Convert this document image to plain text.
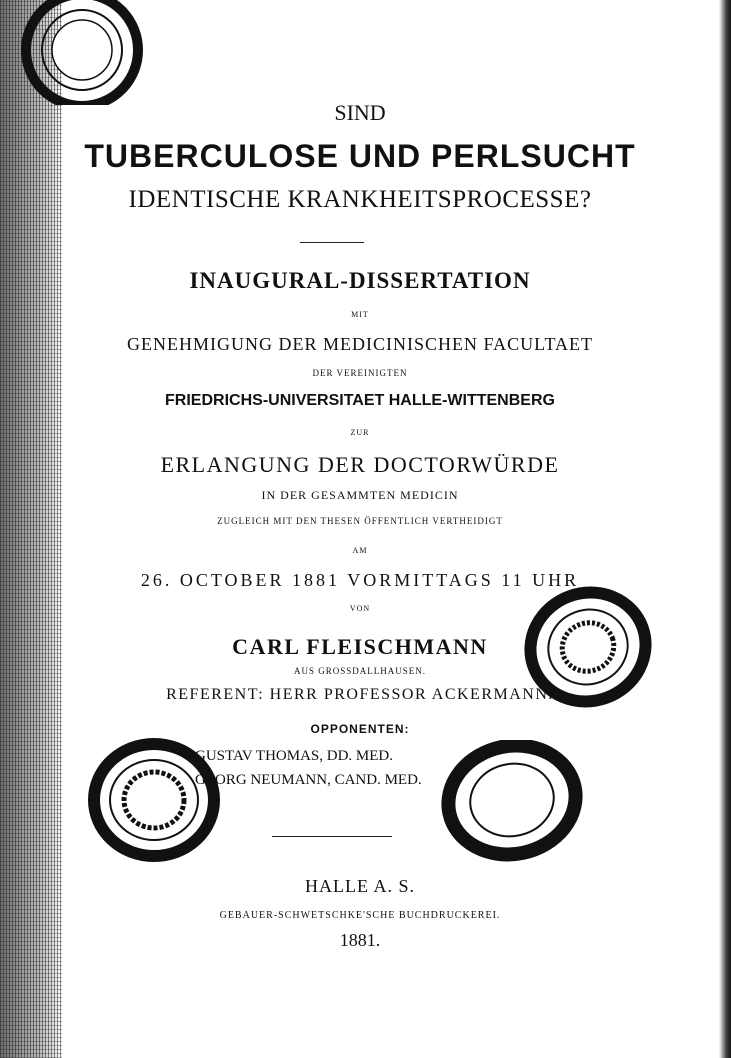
SIND
TUBERCULOSE UND PERLSUCHT
IDENTISCHE KRANKHEITSPROCESSE?
INAUGURAL-DISSERTATION
MIT
GENEHMIGUNG DER MEDICINISCHEN FACULTAET
DER VEREINIGTEN
FRIEDRICHS-UNIVERSITAET HALLE-WITTENBERG
ZUR
ERLANGUNG DER DOCTORWÜRDE
IN DER GESAMMTEN MEDICIN
ZUGLEICH MIT DEN THESEN ÖFFENTLICH VERTHEIDIGT
AM
26. OCTOBER 1881 VORMITTAGS 11 UHR
VON
CARL FLEISCHMANN
AUS GROSSDALLHAUSEN.
REFERENT: HERR PROFESSOR ACKERMANN.
OPPONENTEN:
GUSTAV THOMAS, DD. MED.
GEORG NEUMANN, CAND. MED.
HALLE A. S.
GEBAUER-SCHWETSCHKE'SCHE BUCHDRUCKEREI.
1881.
